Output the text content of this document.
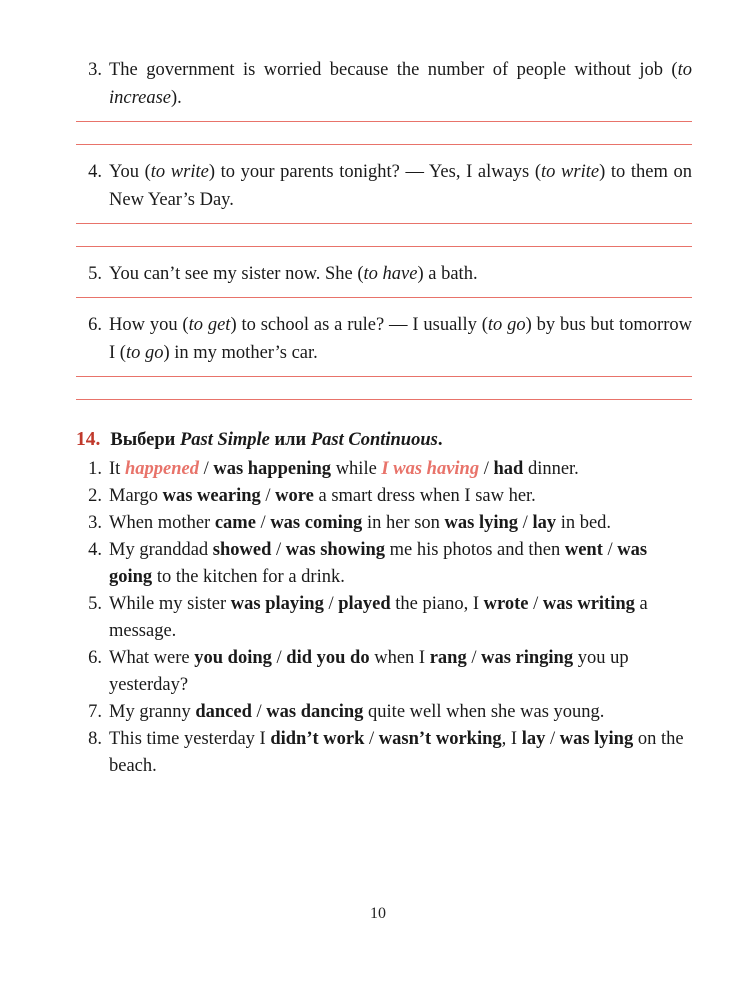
3. The government is worried because the number of people without job (to increase).
4. You (to write) to your parents tonight? — Yes, I always (to write) to them on New Year’s Day.
5. You can’t see my sister now. She (to have) a bath.
6. How you (to get) to school as a rule? — I usually (to go) by bus but tomorrow I (to go) in my mother’s car.
14. Выбери Past Simple или Past Continuous.
1. It happened / was happening while I was having / had dinner.
2. Margo was wearing / wore a smart dress when I saw her.
3. When mother came / was coming in her son was lying / lay in bed.
4. My granddad showed / was showing me his photos and then went / was going to the kitchen for a drink.
5. While my sister was playing / played the piano, I wrote / was writing a message.
6. What were you doing / did you do when I rang / was ringing you up yesterday?
7. My granny danced / was dancing quite well when she was young.
8. This time yesterday I didn’t work / wasn’t working, I lay / was lying on the beach.
10
